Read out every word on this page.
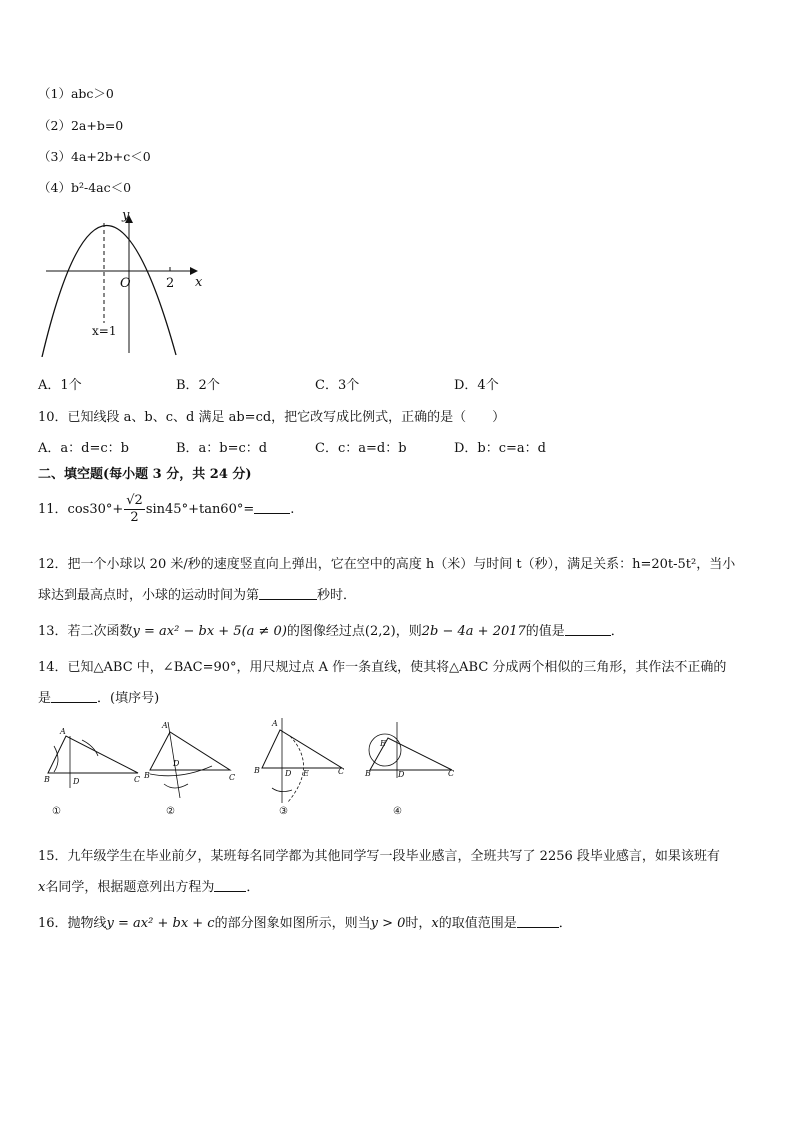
（1）abc＞0
（2）2a+b=0
（3）4a+2b+c＜0
（4）b²-4ac＜0
y
x
O	2
x=1
A．1个	B．2个	C．3个	D．4个
10．已知线段 a、b、c、d 满足 ab=cd，把它改写成比例式，正确的是（　　）
A．a：d=c：b	B．a：b=c：d	C．c：a=d：b	D．b：c=a：d
二、填空题(每小题 3 分，共 24 分)
11．$\cos 30^\circ+ \frac{√2}{2} \sin 45^\circ+\tan 60^\circ=$	.
12．把一个小球以 20 米/秒的速度竖直向上弹出，它在空中的高度 h（米）与时间 t（秒），满足关系：h=20t-5t²，当小
球达到最高点时，小球的运动时间为第	秒时．
13．若二次函数y = ax² − bx + 5(a ≠ 0)的图像经过点(2,2)，则2b − 4a + 2017的值是	．
14．已知△ABC 中，∠BAC=90°，用尺规过点 A 作一条直线，使其将△ABC 分成两个相似的三角形，其作法不正确的
是	．(填序号)
A
B	D	C
A
B
D
C
A
B	D E	C
E
B	D	C
①	②	③	④
15．九年级学生在毕业前夕，某班每名同学都为其他同学写一段毕业感言，全班共写了 2256 段毕业感言，如果该班有
x名同学，根据题意列出方程为 ．
16．抛物线y = ax² + bx + c的部分图象如图所示，则当y > 0时，x的取值范围是	．
